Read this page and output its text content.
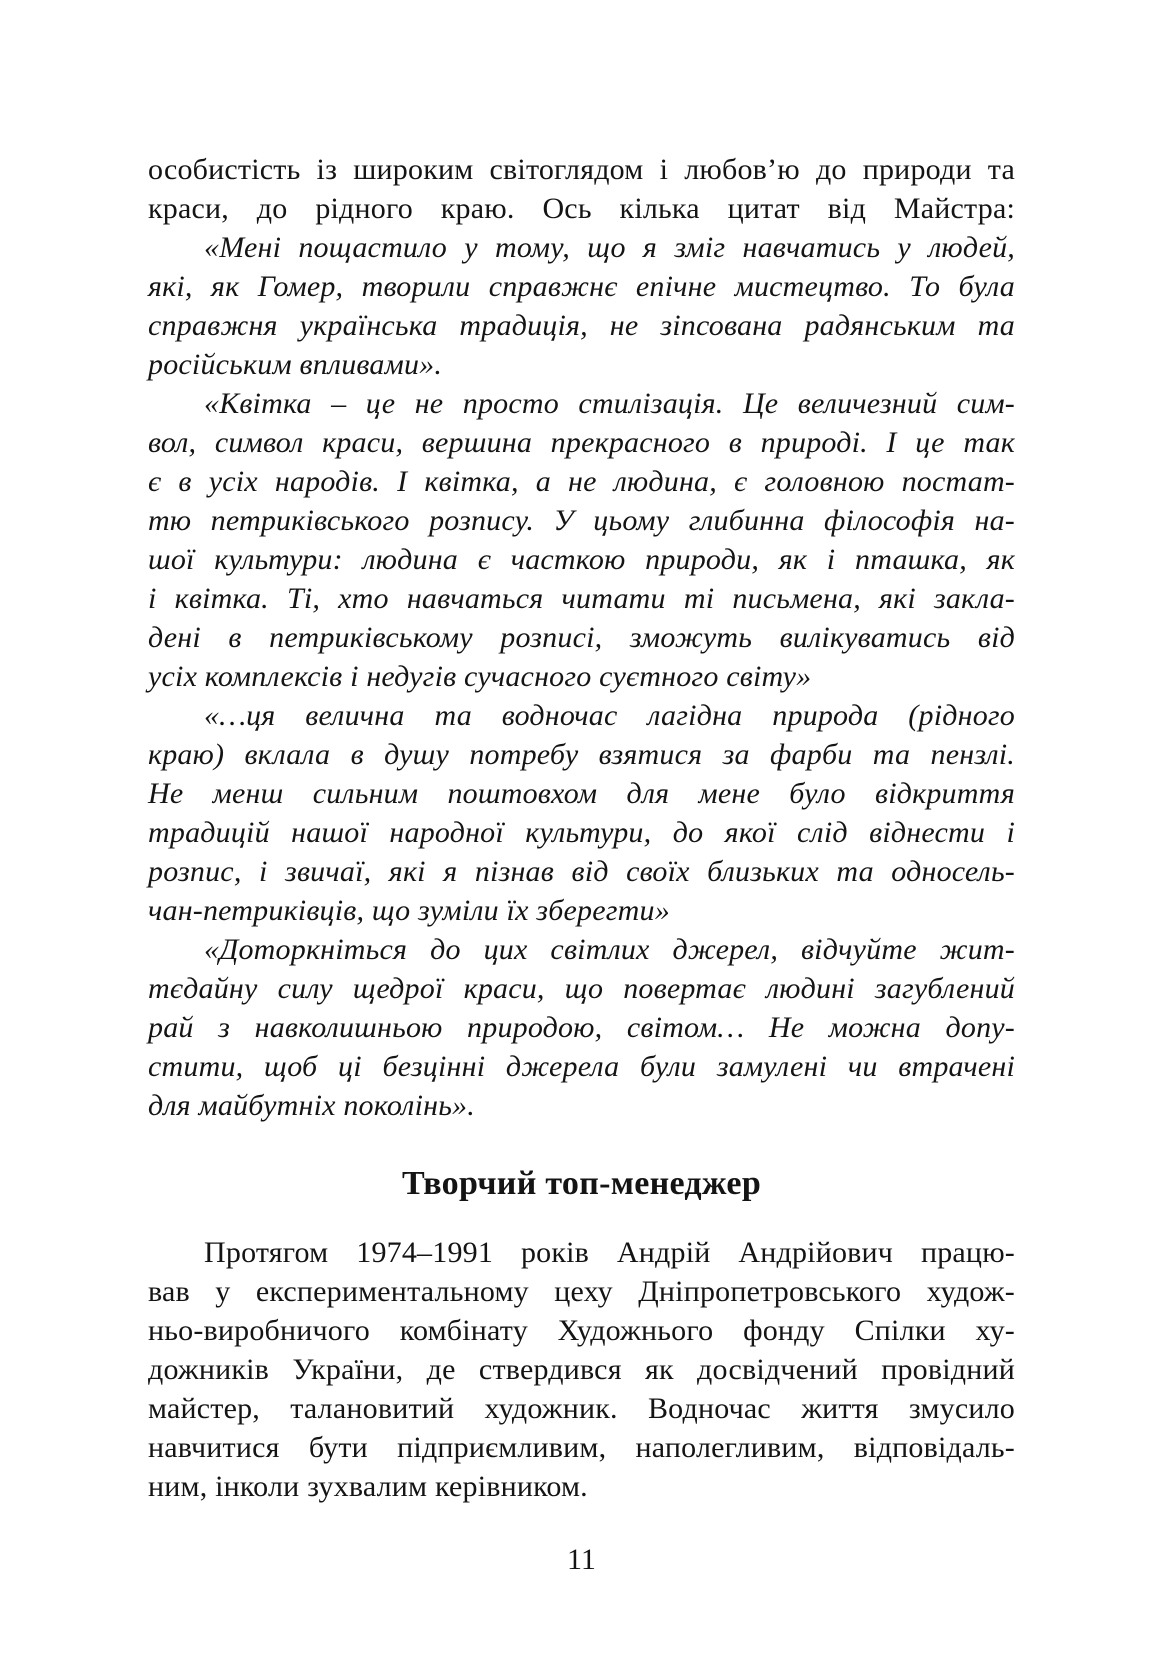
особистість із широким світоглядом і любов’ю до природи та
краси, до рідного краю. Ось кілька цитат від Майстра:
«Мені пощастило у тому, що я зміг навчатись у людей,
які, як Гомер, творили справжнє епічне мистецтво. То була
справжня українська традиція, не зіпсована радянським та
російським впливами».
«Квітка – це не просто стилізація. Це величезний сим-
вол, символ краси, вершина прекрасного в природі. І це так
є в усіх народів. І квітка, а не людина, є головною постат-
тю петриківського розпису. У цьому глибинна філософія на-
шої культури: людина є часткою природи, як і пташка, як
і квітка. Ті, хто навчаться читати ті письмена, які закла-
дені в петриківському розписі, зможуть вилікуватись від
усіх комплексів і недугів сучасного суєтного світу»
«…ця велична та водночас лагідна природа (рідного
краю) вклала в душу потребу взятися за фарби та пензлі.
Не менш сильним поштовхом для мене було відкриття
традицій нашої народної культури, до якої слід віднести і
розпис, і звичаї, які я пізнав від своїх близьких та односель-
чан-петриківців, що зуміли їх зберегти»
«Доторкніться до цих світлих джерел, відчуйте жит-
тєдайну силу щедрої краси, що повертає людині загублений
рай з навколишньою природою, світом… Не можна допу-
стити, щоб ці безцінні джерела були замулені чи втрачені
для майбутніх поколінь».
Творчий топ-менеджер
Протягом 1974–1991 років Андрій Андрійович працю-
вав у експериментальному цеху Дніпропетровського худож-
ньо-виробничого комбінату Художнього фонду Спілки ху-
дожників України, де ствердився як досвідчений провідний
майстер, талановитий художник. Водночас життя змусило
навчитися бути підприємливим, наполегливим, відповідаль-
ним, інколи зухвалим керівником.
11
